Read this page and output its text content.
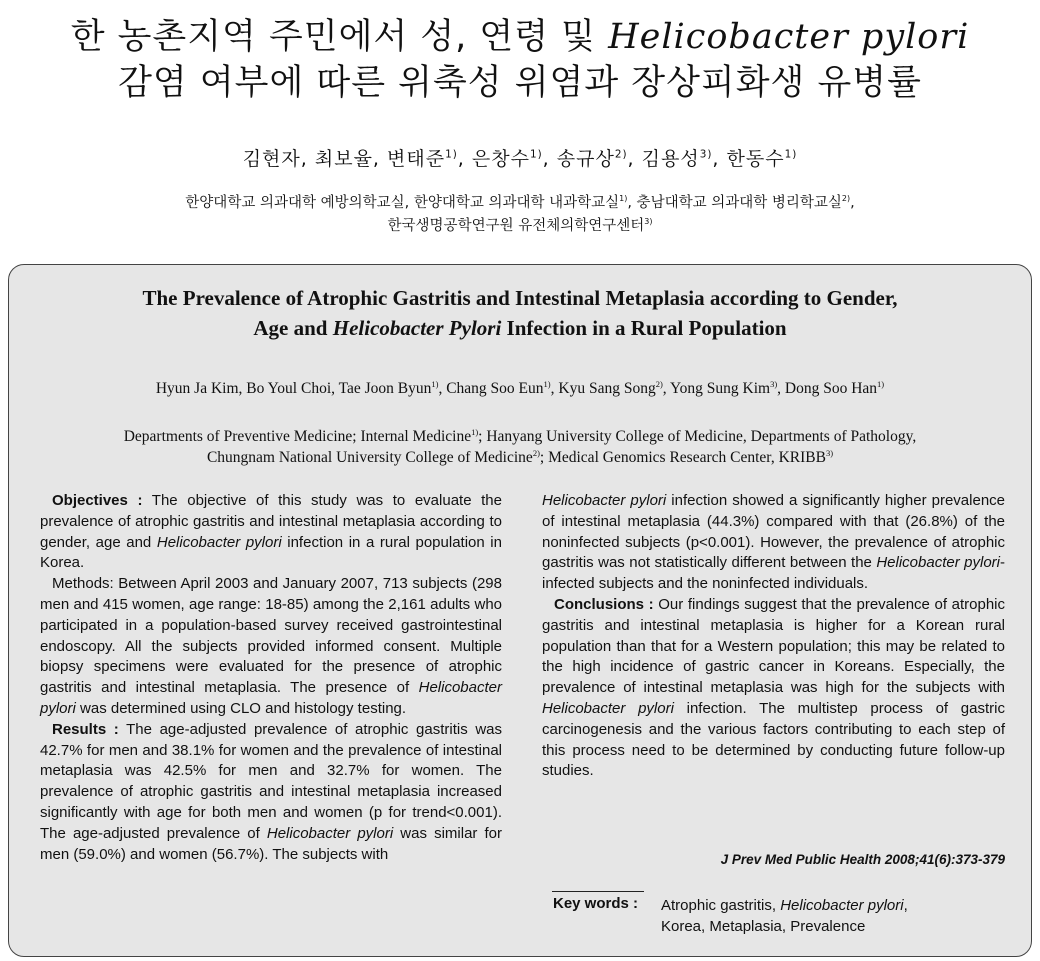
한 농촌지역 주민에서 성, 연령 및 Helicobacter pylori
감염 여부에 따른 위축성 위염과 장상피화생 유병률
김현자, 최보율, 변태준$^{1)}$, 은창수$^{1)}$, 송규상$^{2)}$, 김용성$^{3)}$, 한동수$^{1)}$
한양대학교 의과대학 예방의학교실, 한양대학교 의과대학 내과학교실$^{1)}$, 충남대학교 의과대학 병리학교실$^{2)}$,
한국생명공학연구원 유전체의학연구센터$^{3)}$
The Prevalence of Atrophic Gastritis and Intestinal Metaplasia according to Gender,
Age and Helicobacter Pylori Infection in a Rural Population
Hyun Ja Kim, Bo Youl Choi, Tae Joon Byun$^{1)}$, Chang Soo Eun$^{1)}$, Kyu Sang Song$^{2)}$, Yong Sung Kim$^{3)}$, Dong Soo Han$^{1)}$
Departments of Preventive Medicine; Internal Medicine$^{1)}$; Hanyang University College of Medicine, Departments of Pathology,
Chungnam National University College of Medicine$^{2)}$; Medical Genomics Research Center, KRIBB$^{3)}$

Objectives : The objective of this study was to evaluate the prevalence of atrophic gastritis and intestinal metaplasia according to gender, age and Helicobacter pylori infection in a rural population in Korea.

Methods: Between April 2003 and January 2007, 713 subjects (298 men and 415 women, age range: 18-85) among the 2,161 adults who participated in a population-based survey received gastrointestinal endoscopy. All the subjects provided informed consent. Multiple biopsy specimens were evaluated for the presence of atrophic gastritis and intestinal metaplasia. The presence of Helicobacter pylori was determined using CLO and histology testing.

Results : The age-adjusted prevalence of atrophic gastritis was 42.7% for men and 38.1% for women and the prevalence of intestinal metaplasia was 42.5% for men and 32.7% for women. The prevalence of atrophic gastritis and intestinal metaplasia increased significantly with age for both men and women (p for trend<0.001). The age-adjusted prevalence of Helicobacter pylori was similar for men (59.0%) and women (56.7%). The subjects with

Helicobacter pylori infection showed a significantly higher prevalence of intestinal metaplasia (44.3%) compared with that (26.8%) of the noninfected subjects (p<0.001). However, the prevalence of atrophic gastritis was not statistically different between the Helicobacter pylori-infected subjects and the noninfected individuals.

Conclusions : Our findings suggest that the prevalence of atrophic gastritis and intestinal metaplasia is higher for a Korean rural population than that for a Western population; this may be related to the high incidence of gastric cancer in Koreans. Especially, the prevalence of intestinal metaplasia was high for the subjects with Helicobacter pylori infection. The multistep process of gastric carcinogenesis and the various factors contributing to each step of this process need to be determined by conducting future follow-up studies.

J Prev Med Public Health 2008;41(6):373-379
Key words : Atrophic gastritis, Helicobacter pylori,
Korea, Metaplasia, Prevalence
